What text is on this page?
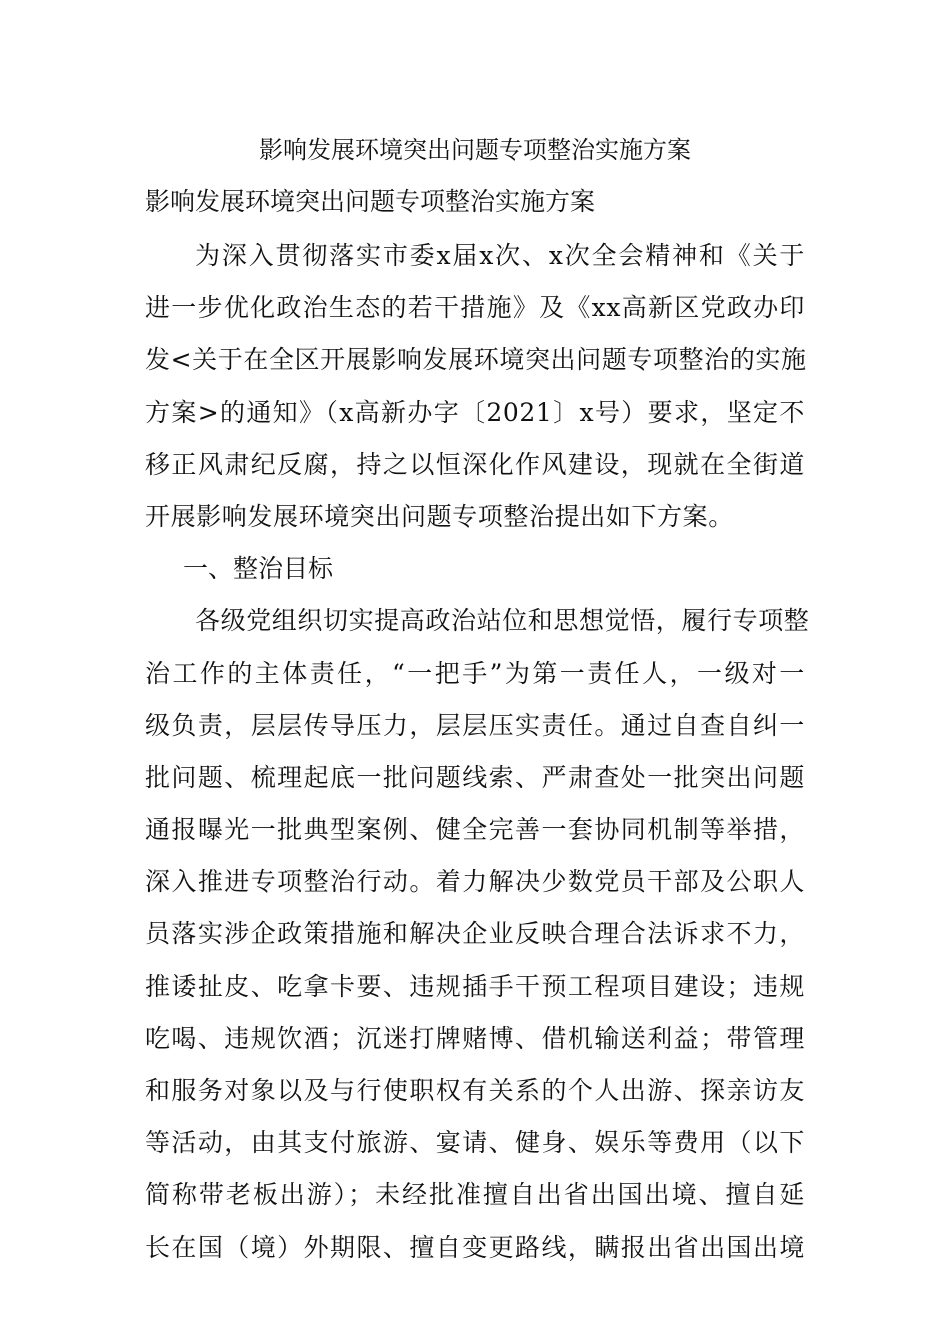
影响发展环境突出问题专项整治实施方案
影响发展环境突出问题专项整治实施方案
为深入贯彻落实市委x届x次、x次全会精神和《关于
进一步优化政治生态的若干措施》及《xx高新区党政办印
发<关于在全区开展影响发展环境突出问题专项整治的实施
方案>的通知》（x高新办字〔2021〕x号）要求，坚定不
移正风肃纪反腐，持之以恒深化作风建设，现就在全街道
开展影响发展环境突出问题专项整治提出如下方案。
一、整治目标
各级党组织切实提高政治站位和思想觉悟，履行专项整
治工作的主体责任，“一把手”为第一责任人，一级对一
级负责，层层传导压力，层层压实责任。通过自查自纠一
批问题、梳理起底一批问题线索、严肃查处一批突出问题
通报曝光一批典型案例、健全完善一套协同机制等举措，
深入推进专项整治行动。着力解决少数党员干部及公职人
员落实涉企政策措施和解决企业反映合理合法诉求不力，
推诿扯皮、吃拿卡要、违规插手干预工程项目建设；违规
吃喝、违规饮酒；沉迷打牌赌博、借机输送利益；带管理
和服务对象以及与行使职权有关系的个人出游、探亲访友
等活动，由其支付旅游、宴请、健身、娱乐等费用（以下
简称带老板出游）；未经批准擅自出省出国出境、擅自延
长在国（境）外期限、擅自变更路线，瞒报出省出国出境
